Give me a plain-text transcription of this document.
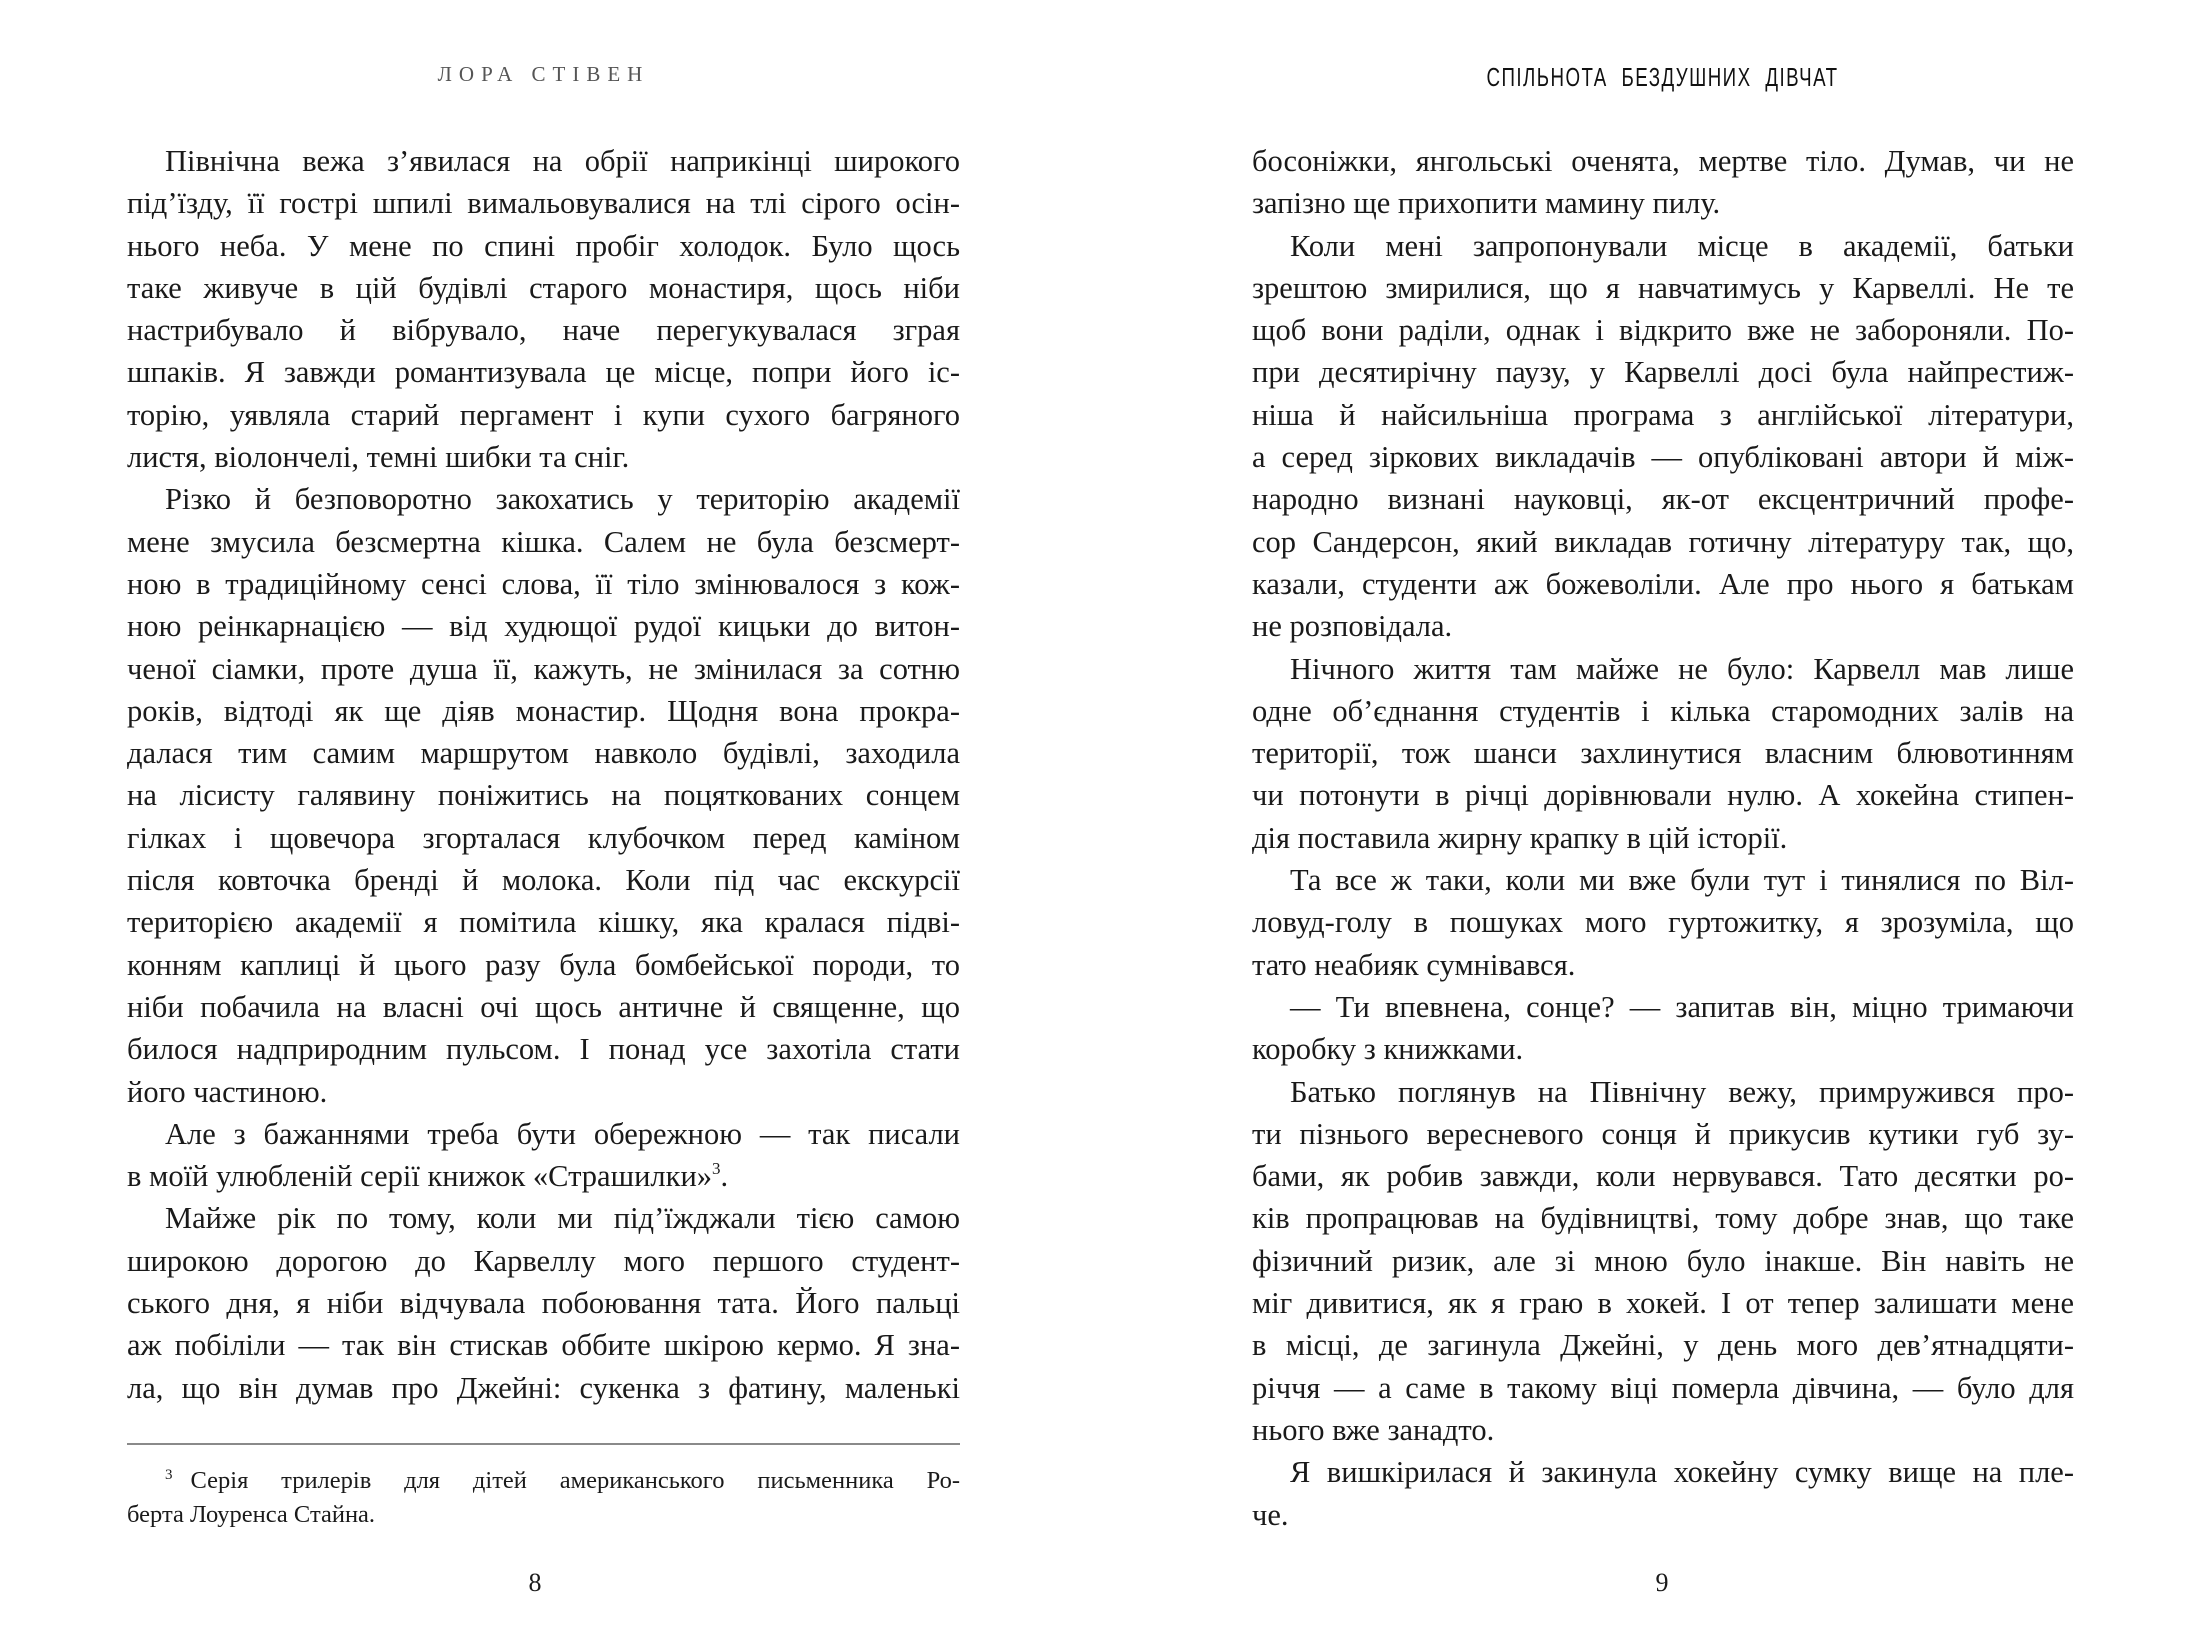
ЛОРА СТІВЕН
Північна вежа з’явилася на обрії наприкінці широкого
під’їзду, її гострі шпилі вимальовувалися на тлі сірого осін-
нього неба. У мене по спині пробіг холодок. Було щось
таке живуче в цій будівлі старого монастиря, щось ніби
настрибувало й вібрувало, наче перегукувалася зграя
шпаків. Я завжди романтизувала це місце, попри його іс-
торію, уявляла старий пергамент і купи сухого багряного
листя, віолончелі, темні шибки та сніг.
Різко й безповоротно закохатись у територію академії
мене змусила безсмертна кішка. Салем не була безсмерт-
ною в традиційному сенсі слова, її тіло змінювалося з кож-
ною реінкарнацією — від худющої рудої кицьки до витон-
ченої сіамки, проте душа її, кажуть, не змінилася за сотню
років, відтоді як ще діяв монастир. Щодня вона прокра-
далася тим самим маршрутом навколо будівлі, заходила
на лісисту галявину поніжитись на поцяткованих сонцем
гілках і щовечора згорталася клубочком перед каміном
після ковточка бренді й молока. Коли під час екскурсії
територією академії я помітила кішку, яка кралася підві-
конням каплиці й цього разу була бомбейської породи, то
ніби побачила на власні очі щось античне й священне, що
билося надприродним пульсом. І понад усе захотіла стати
його частиною.
Але з бажаннями треба бути обережною — так писали
в моїй улюбленій серії книжок «Страшилки»$^3$.
Майже рік по тому, коли ми під’їжджали тією самою
широкою дорогою до Карвеллу мого першого студент-
ського дня, я ніби відчувала побоювання тата. Його пальці
аж побіліли — так він стискав оббите шкірою кермо. Я зна-
ла, що він думав про Джейні: сукенка з фатину, маленькі
$^3$ Серія трилерів для дітей американського письменника Ро-
берта Лоуренса Стайна.
8
СПІЛЬНОТА БЕЗДУШНИХ ДІВЧАТ
босоніжки, янгольські оченята, мертве тіло. Думав, чи не
запізно ще прихопити мамину пилу.
Коли мені запропонували місце в академії, батьки
зрештою змирилися, що я навчатимусь у Карвеллі. Не те
щоб вони раділи, однак і відкрито вже не забороняли. По-
при десятирічну паузу, у Карвеллі досі була найпрестиж-
ніша й найсильніша програма з англійської літератури,
а серед зіркових викладачів — опубліковані автори й між-
народно визнані науковці, як-от ексцентричний профе-
сор Сандерсон, який викладав готичну літературу так, що,
казали, студенти аж божеволіли. Але про нього я батькам
не розповідала.
Нічного життя там майже не було: Карвелл мав лише
одне об’єднання студентів і кілька старомодних залів на
території, тож шанси захлинутися власним блювотинням
чи потонути в річці дорівнювали нулю. А хокейна стипен-
дія поставила жирну крапку в цій історії.
Та все ж таки, коли ми вже були тут і тинялися по Віл-
ловуд-голу в пошуках мого гуртожитку, я зрозуміла, що
тато неабияк сумнівався.
— Ти впевнена, сонце? — запитав він, міцно тримаючи
коробку з книжками.
Батько поглянув на Північну вежу, примружився про-
ти пізнього вересневого сонця й прикусив кутики губ зу-
бами, як робив завжди, коли нервувався. Тато десятки ро-
ків пропрацював на будівництві, тому добре знав, що таке
фізичний ризик, але зі мною було інакше. Він навіть не
міг дивитися, як я граю в хокей. І от тепер залишати мене
в місці, де загинула Джейні, у день мого дев’ятнадцяти-
річчя — а саме в такому віці померла дівчина, — було для
нього вже занадто.
Я вишкірилася й закинула хокейну сумку вище на пле-
че.
9
